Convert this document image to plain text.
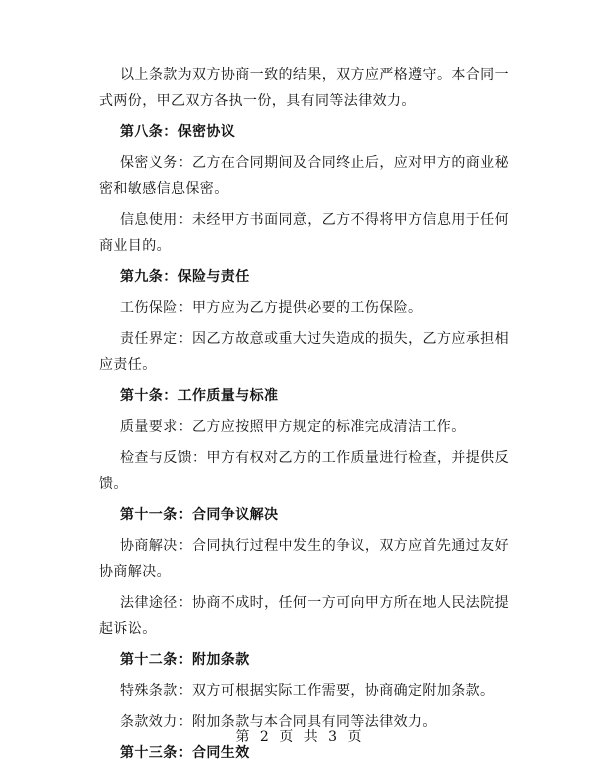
以上条款为双方协商一致的结果，双方应严格遵守。本合同一式两份，甲乙双方各执一份，具有同等法律效力。

第八条：保密协议

保密义务：乙方在合同期间及合同终止后，应对甲方的商业秘密和敏感信息保密。

信息使用：未经甲方书面同意，乙方不得将甲方信息用于任何商业目的。

第九条：保险与责任

工伤保险：甲方应为乙方提供必要的工伤保险。

责任界定：因乙方故意或重大过失造成的损失，乙方应承担相应责任。

第十条：工作质量与标准

质量要求：乙方应按照甲方规定的标准完成清洁工作。

检查与反馈：甲方有权对乙方的工作质量进行检查，并提供反馈。

第十一条：合同争议解决

协商解决：合同执行过程中发生的争议，双方应首先通过友好协商解决。

法律途径：协商不成时，任何一方可向甲方所在地人民法院提起诉讼。

第十二条：附加条款

特殊条款：双方可根据实际工作需要，协商确定附加条款。

条款效力：附加条款与本合同具有同等法律效力。

第十三条：合同生效

第 2 页 共 3 页
